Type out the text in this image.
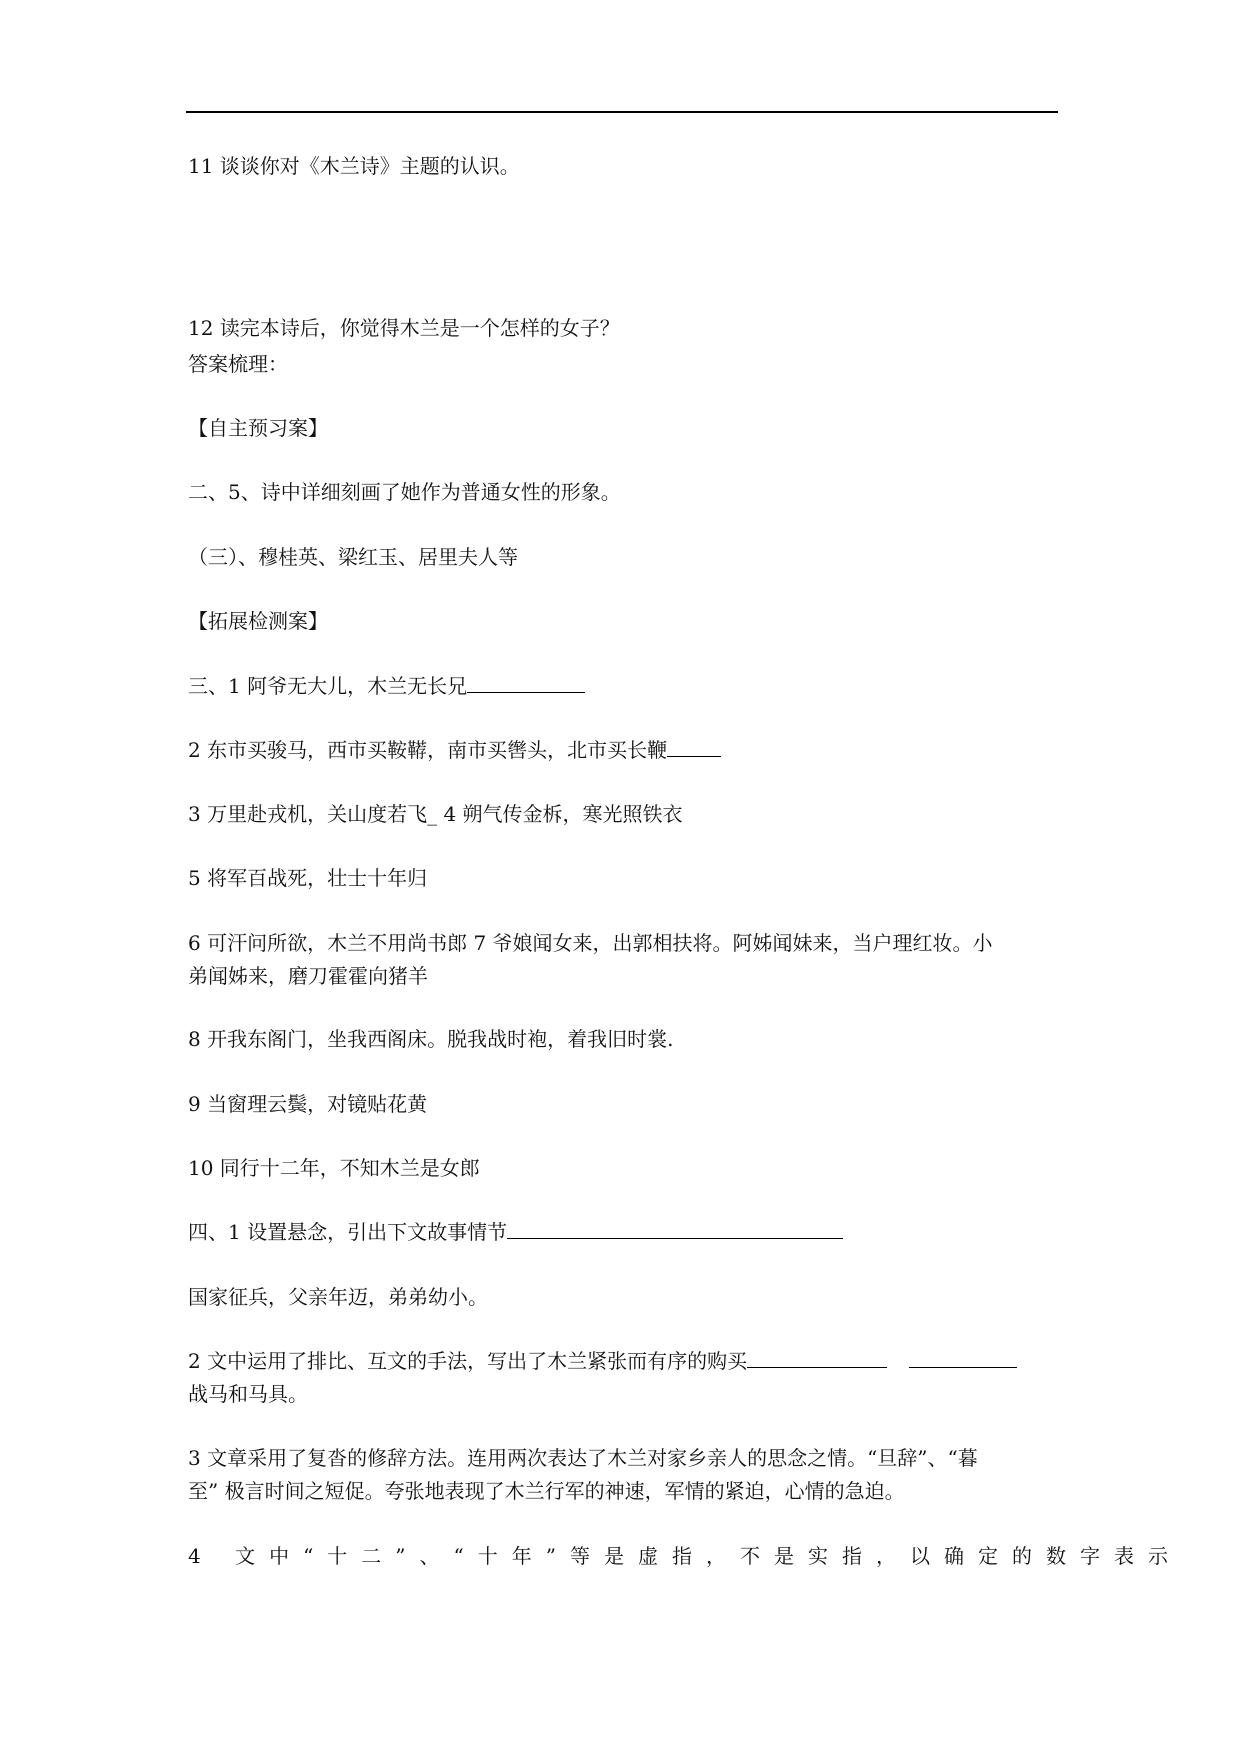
11 谈谈你对《木兰诗》主题的认识。
12 读完本诗后，你觉得木兰是一个怎样的女子？
答案梳理：
【自主预习案】
二、5、诗中详细刻画了她作为普通女性的形象。
（三）、穆桂英、梁红玉、居里夫人等
【拓展检测案】
三、1 阿爷无大儿，木兰无长兄
2 东市买骏马，西市买鞍鞯，南市买辔头，北市买长鞭
3 万里赴戎机，关山度若飞_ 4 朔气传金柝，寒光照铁衣
5 将军百战死，壮士十年归
6 可汗问所欲，木兰不用尚书郎 7 爷娘闻女来，出郭相扶将。阿姊闻妹来，当户理红妆。小
弟闻姊来，磨刀霍霍向猪羊
8 开我东阁门，坐我西阁床。脱我战时袍，着我旧时裳.
9 当窗理云鬓，对镜贴花黄
10 同行十二年，不知木兰是女郎
四、1 设置悬念，引出下文故事情节
国家征兵，父亲年迈，弟弟幼小。
2 文中运用了排比、互文的手法，写出了木兰紧张而有序的购买
战马和马具。
3 文章采用了复沓的修辞方法。连用两次表达了木兰对家乡亲人的思念之情。“旦辞”、“暮
至” 极言时间之短促。夸张地表现了木兰行军的神速，军情的紧迫，心情的急迫。
4 文中“十二”、“十年”等是虚指，不是实指，以确定的数字表示
